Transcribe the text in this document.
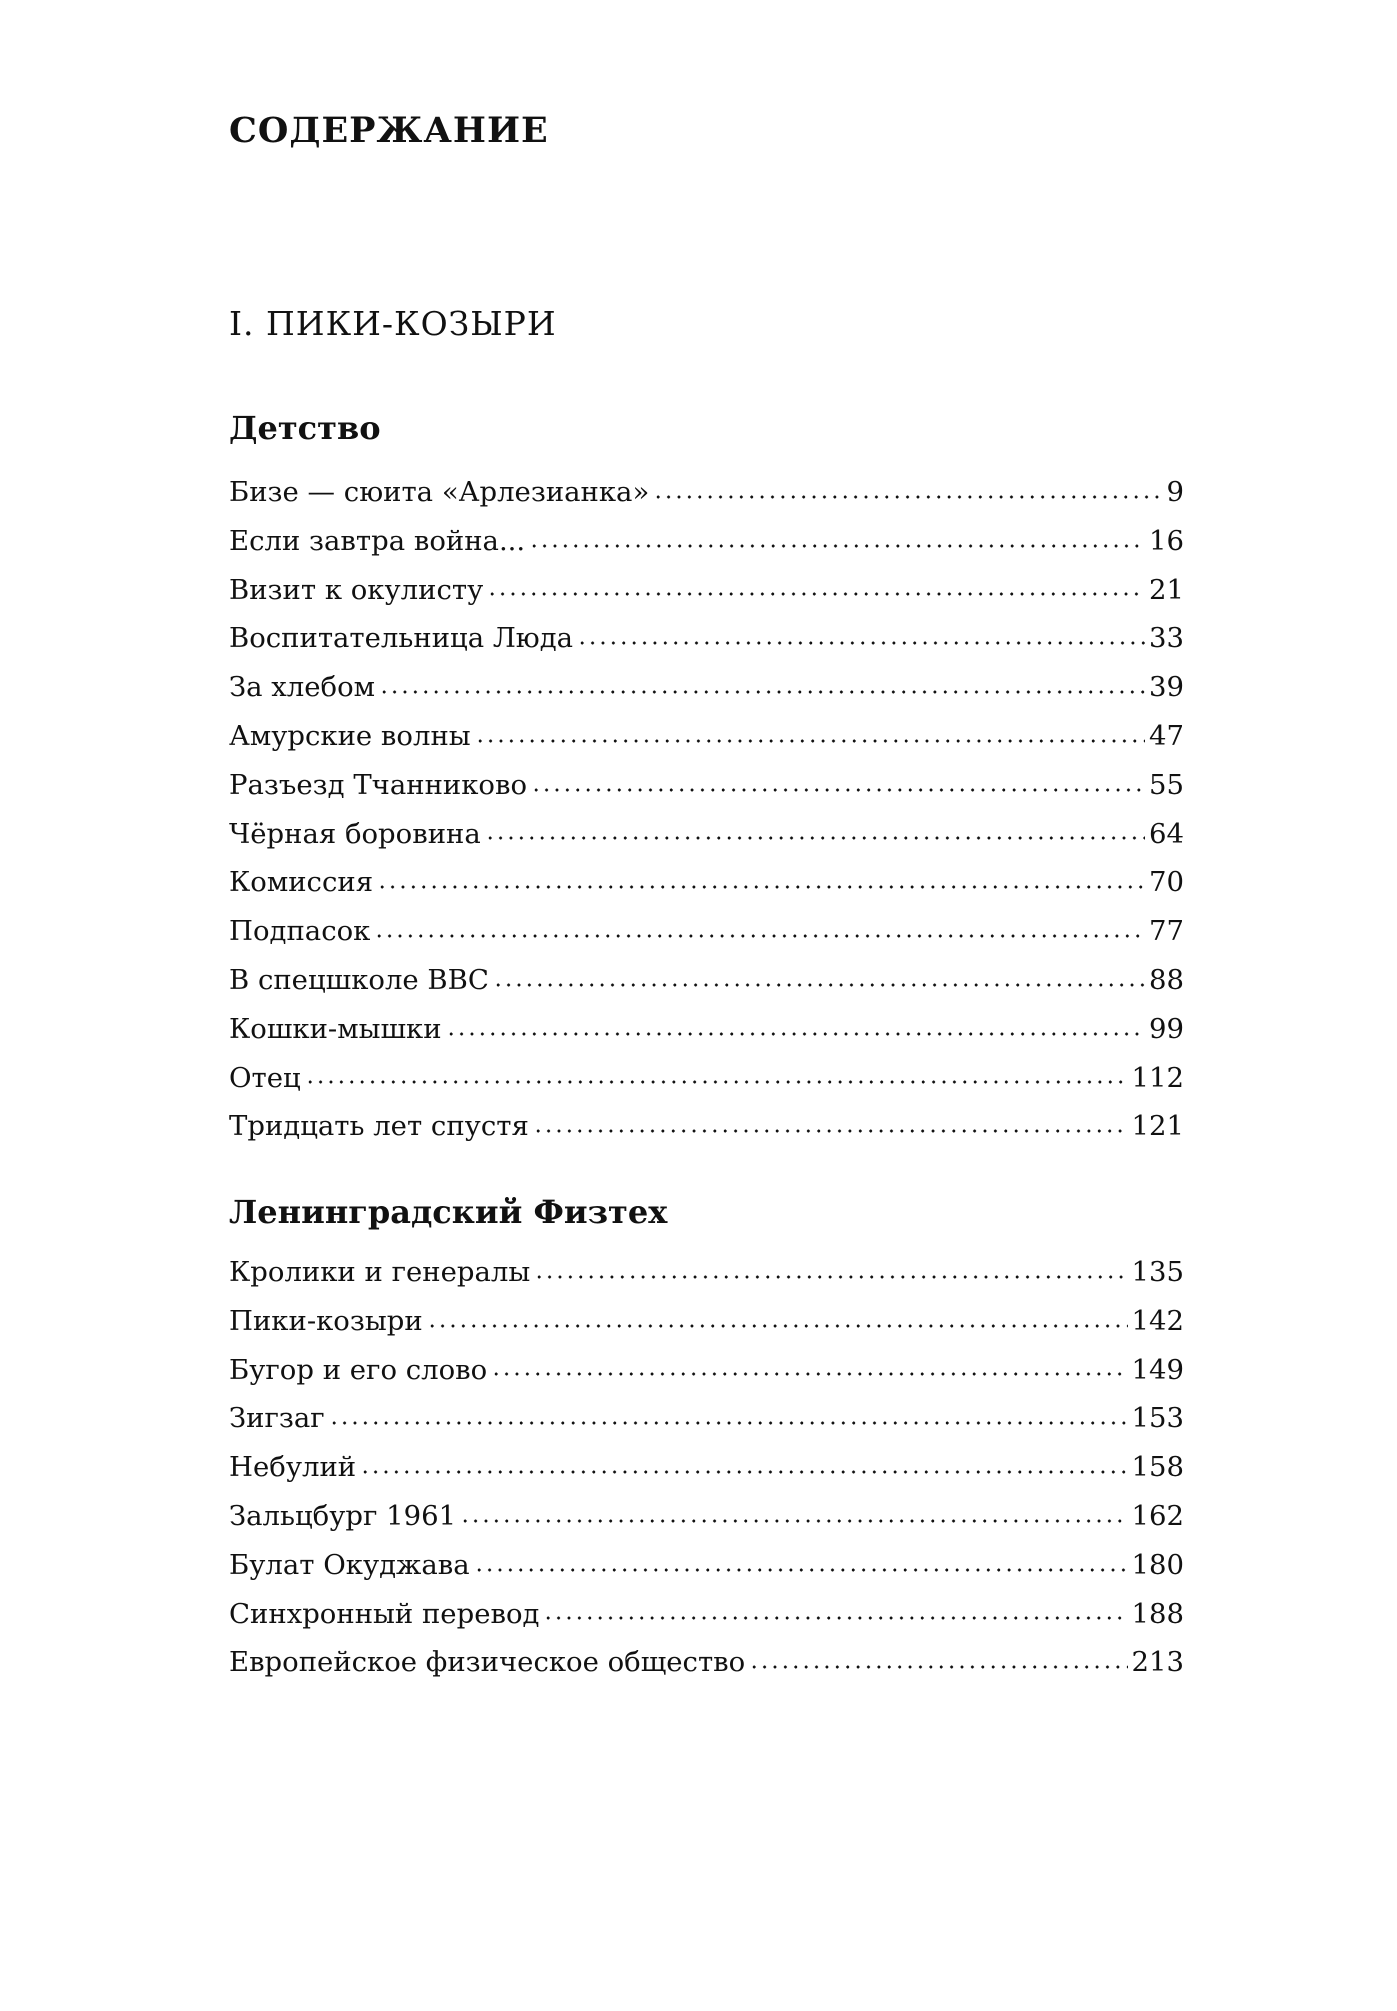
СОДЕРЖАНИЕ
I. ПИКИ-КОЗЫРИ
Детство
Бизе — сюита «Арлезианка»	9
Если завтра война...	16
Визит к окулисту	21
Воспитательница Люда	33
За хлебом	39
Амурские волны	47
Разъезд Тчанниково	55
Чёрная боровина	64
Комиссия	70
Подпасок	77
В спецшколе ВВС	88
Кошки-мышки	99
Отец	112
Тридцать лет спустя	121
Ленинградский Физтех
Кролики и генералы	135
Пики-козыри	142
Бугор и его слово	149
Зигзаг	153
Небулий	158
Зальцбург 1961	162
Булат Окуджава	180
Синхронный перевод	188
Европейское физическое общество	213
